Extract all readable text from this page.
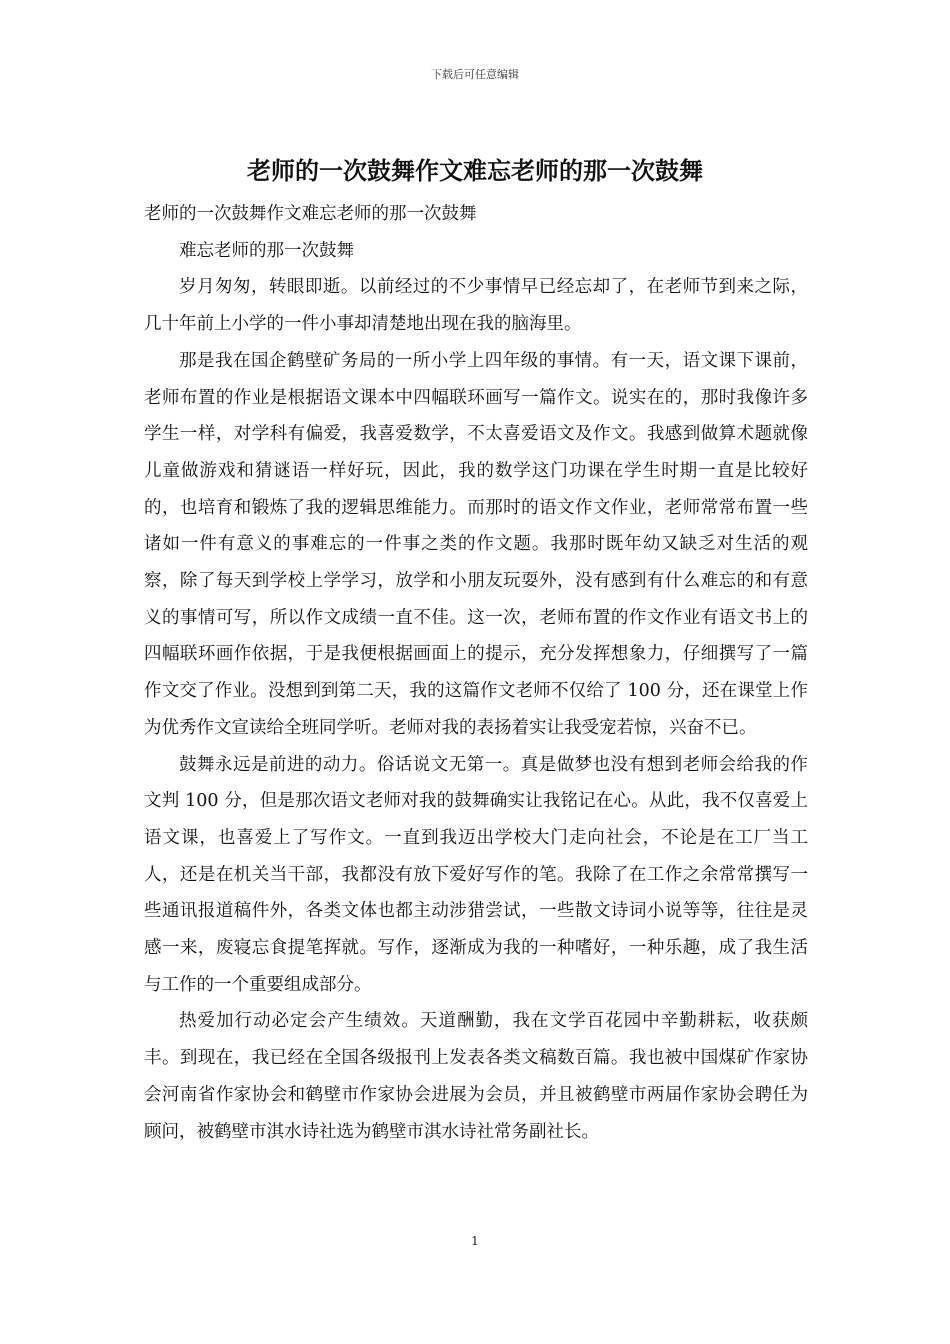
下载后可任意编辑
老师的一次鼓舞作文难忘老师的那一次鼓舞

老师的一次鼓舞作文难忘老师的那一次鼓舞

难忘老师的那一次鼓舞

岁月匆匆，转眼即逝。以前经过的不少事情早已经忘却了，在老师节到来之际，几十年前上小学的一件小事却清楚地出现在我的脑海里。

那是我在国企鹤壁矿务局的一所小学上四年级的事情。有一天，语文课下课前，老师布置的作业是根据语文课本中四幅联环画写一篇作文。说实在的，那时我像许多学生一样，对学科有偏爱，我喜爱数学，不太喜爱语文及作文。我感到做算术题就像儿童做游戏和猜谜语一样好玩，因此，我的数学这门功课在学生时期一直是比较好的，也培育和锻炼了我的逻辑思维能力。而那时的语文作文作业，老师常常布置一些诸如一件有意义的事难忘的一件事之类的作文题。我那时既年幼又缺乏对生活的观察，除了每天到学校上学学习，放学和小朋友玩耍外，没有感到有什么难忘的和有意义的事情可写，所以作文成绩一直不佳。这一次，老师布置的作文作业有语文书上的四幅联环画作依据，于是我便根据画面上的提示，充分发挥想象力，仔细撰写了一篇作文交了作业。没想到到第二天，我的这篇作文老师不仅给了 100 分，还在课堂上作为优秀作文宣读给全班同学听。老师对我的表扬着实让我受宠若惊，兴奋不已。

鼓舞永远是前进的动力。俗话说文无第一。真是做梦也没有想到老师会给我的作文判 100 分，但是那次语文老师对我的鼓舞确实让我铭记在心。从此，我不仅喜爱上语文课，也喜爱上了写作文。一直到我迈出学校大门走向社会，不论是在工厂当工人，还是在机关当干部，我都没有放下爱好写作的笔。我除了在工作之余常常撰写一些通讯报道稿件外，各类文体也都主动涉猎尝试，一些散文诗词小说等等，往往是灵感一来，废寝忘食提笔挥就。写作，逐渐成为我的一种嗜好，一种乐趣，成了我生活与工作的一个重要组成部分。

热爱加行动必定会产生绩效。天道酬勤，我在文学百花园中辛勤耕耘，收获颇丰。到现在，我已经在全国各级报刊上发表各类文稿数百篇。我也被中国煤矿作家协会河南省作家协会和鹤壁市作家协会进展为会员，并且被鹤壁市两届作家协会聘任为顾问，被鹤壁市淇水诗社选为鹤壁市淇水诗社常务副社长。

1
